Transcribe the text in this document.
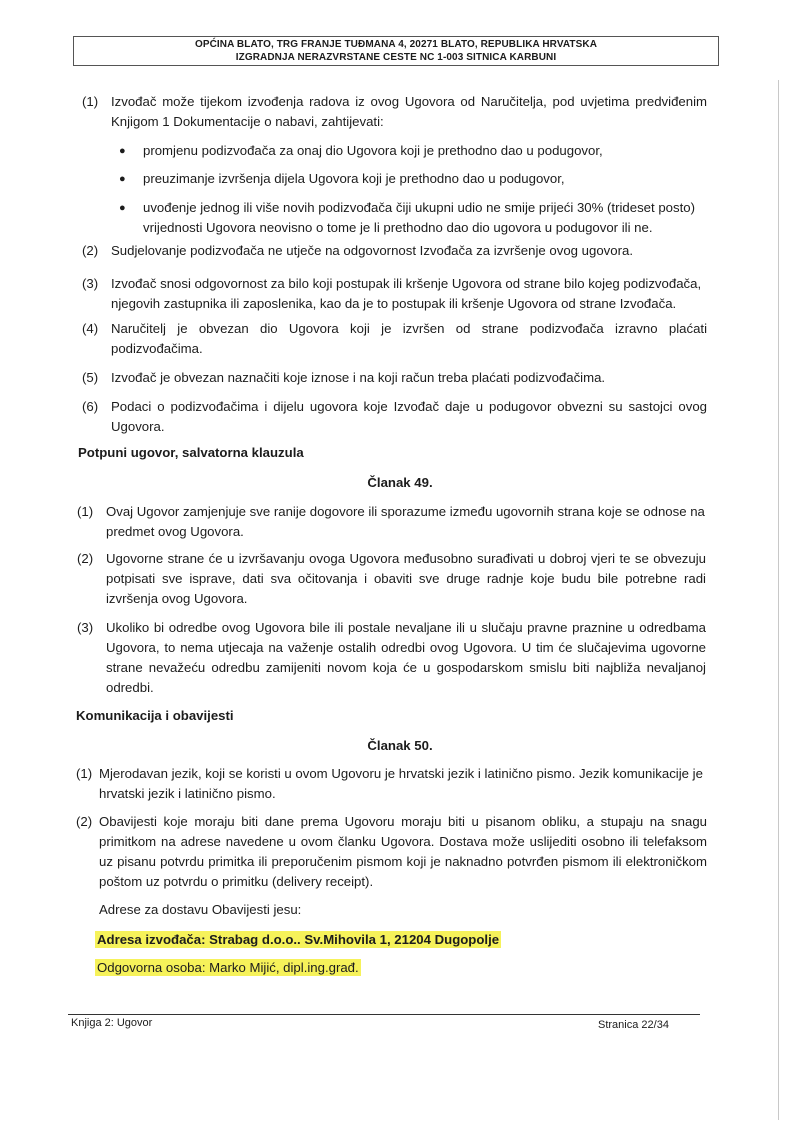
OPĆINA BLATO, TRG FRANJE TUĐMANA 4, 20271 BLATO, REPUBLIKA HRVATSKA
IZGRADNJA NERAZVRSTANE CESTE NC 1-003 SITNICA KARBUNI
(1) Izvođač može tijekom izvođenja radova iz ovog Ugovora od Naručitelja, pod uvjetima predviđenim Knjigom 1 Dokumentacije o nabavi, zahtijevati:
● promjenu podizvođača za onaj dio Ugovora koji je prethodno dao u podugovor,
● preuzimanje izvršenja dijela Ugovora koji je prethodno dao u podugovor,
● uvođenje jednog ili više novih podizvođača čiji ukupni udio ne smije prijeći 30% (trideset posto) vrijednosti Ugovora neovisno o tome je li prethodno dao dio ugovora u podugovor ili ne.
(2) Sudjelovanje podizvođača ne utječe na odgovornost Izvođača za izvršenje ovog ugovora.
(3) Izvođač snosi odgovornost za bilo koji postupak ili kršenje Ugovora od strane bilo kojeg podizvođača, njegovih zastupnika ili zaposlenika, kao da je to postupak ili kršenje Ugovora od strane Izvođača.
(4) Naručitelj je obvezan dio Ugovora koji je izvršen od strane podizvođača izravno plaćati podizvođačima.
(5) Izvođač je obvezan naznačiti koje iznose i na koji račun treba plaćati podizvođačima.
(6) Podaci o podizvođačima i dijelu ugovora koje Izvođač daje u podugovor obvezni su sastojci ovog Ugovora.
Potpuni ugovor, salvatorna klauzula
Članak 49.
(1) Ovaj Ugovor zamjenjuje sve ranije dogovore ili sporazume između ugovornih strana koje se odnose na predmet ovog Ugovora.
(2) Ugovorne strane će u izvršavanju ovoga Ugovora međusobno surađivati u dobroj vjeri te se obvezuju potpisati sve isprave, dati sva očitovanja i obaviti sve druge radnje koje budu bile potrebne radi izvršenja ovog Ugovora.
(3) Ukoliko bi odredbe ovog Ugovora bile ili postale nevaljane ili u slučaju pravne praznine u odredbama Ugovora, to nema utjecaja na važenje ostalih odredbi ovog Ugovora. U tim će slučajevima ugovorne strane nevažeću odredbu zamijeniti novom koja će u gospodarskom smislu biti najbliža nevaljanoj odredbi.
Komunikacija i obavijesti
Članak 50.
(1) Mjerodavan jezik, koji se koristi u ovom Ugovoru je hrvatski jezik i latinično pismo. Jezik komunikacije je hrvatski jezik i latinično pismo.
(2) Obavijesti koje moraju biti dane prema Ugovoru moraju biti u pisanom obliku, a stupaju na snagu primitkom na adrese navedene u ovom članku Ugovora. Dostava može uslijediti osobno ili telefaksom uz pisanu potvrdu primitka ili preporučenim pismom koji je naknadno potvrđen pismom ili elektroničkom poštom uz potvrdu o primitku (delivery receipt).
Adrese za dostavu Obavijesti jesu:
Adresa izvođača: Strabag d.o.o.. Sv.Mihovila 1, 21204 Dugopolje
Odgovorna osoba: Marko Mijić, dipl.ing.građ.
Knjiga 2: Ugovor	Stranica 22/34
